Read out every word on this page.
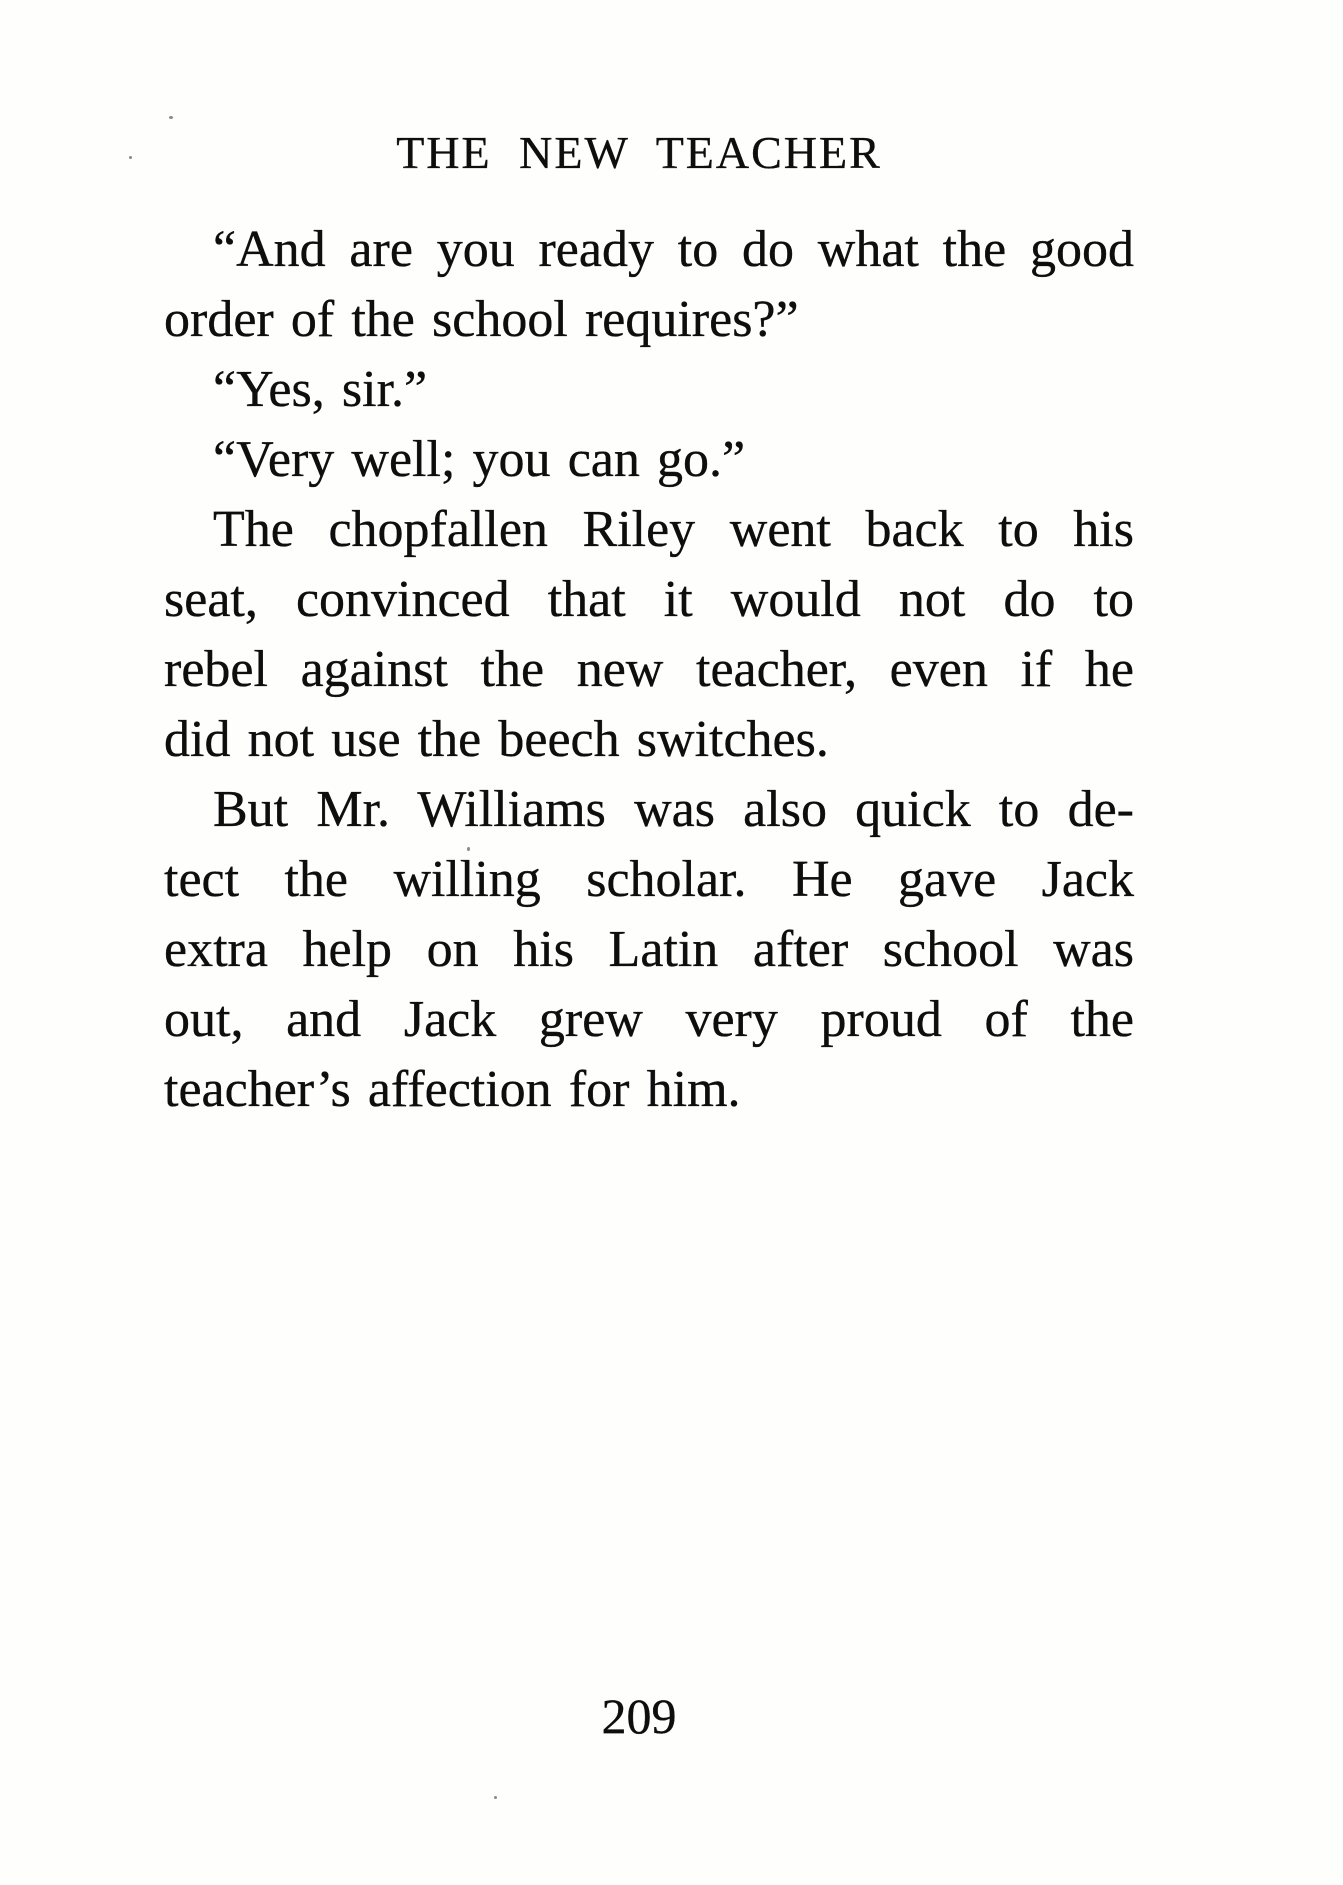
THE NEW TEACHER
“And are you ready to do what the good
order of the school requires?”
“Yes, sir.”
“Very well; you can go.”
The chopfallen Riley went back to his
seat, convinced that it would not do to
rebel against the new teacher, even if he
did not use the beech switches.
But Mr. Williams was also quick to de-
tect the willing scholar. He gave Jack
extra help on his Latin after school was
out, and Jack grew very proud of the
teacher’s affection for him.
209
